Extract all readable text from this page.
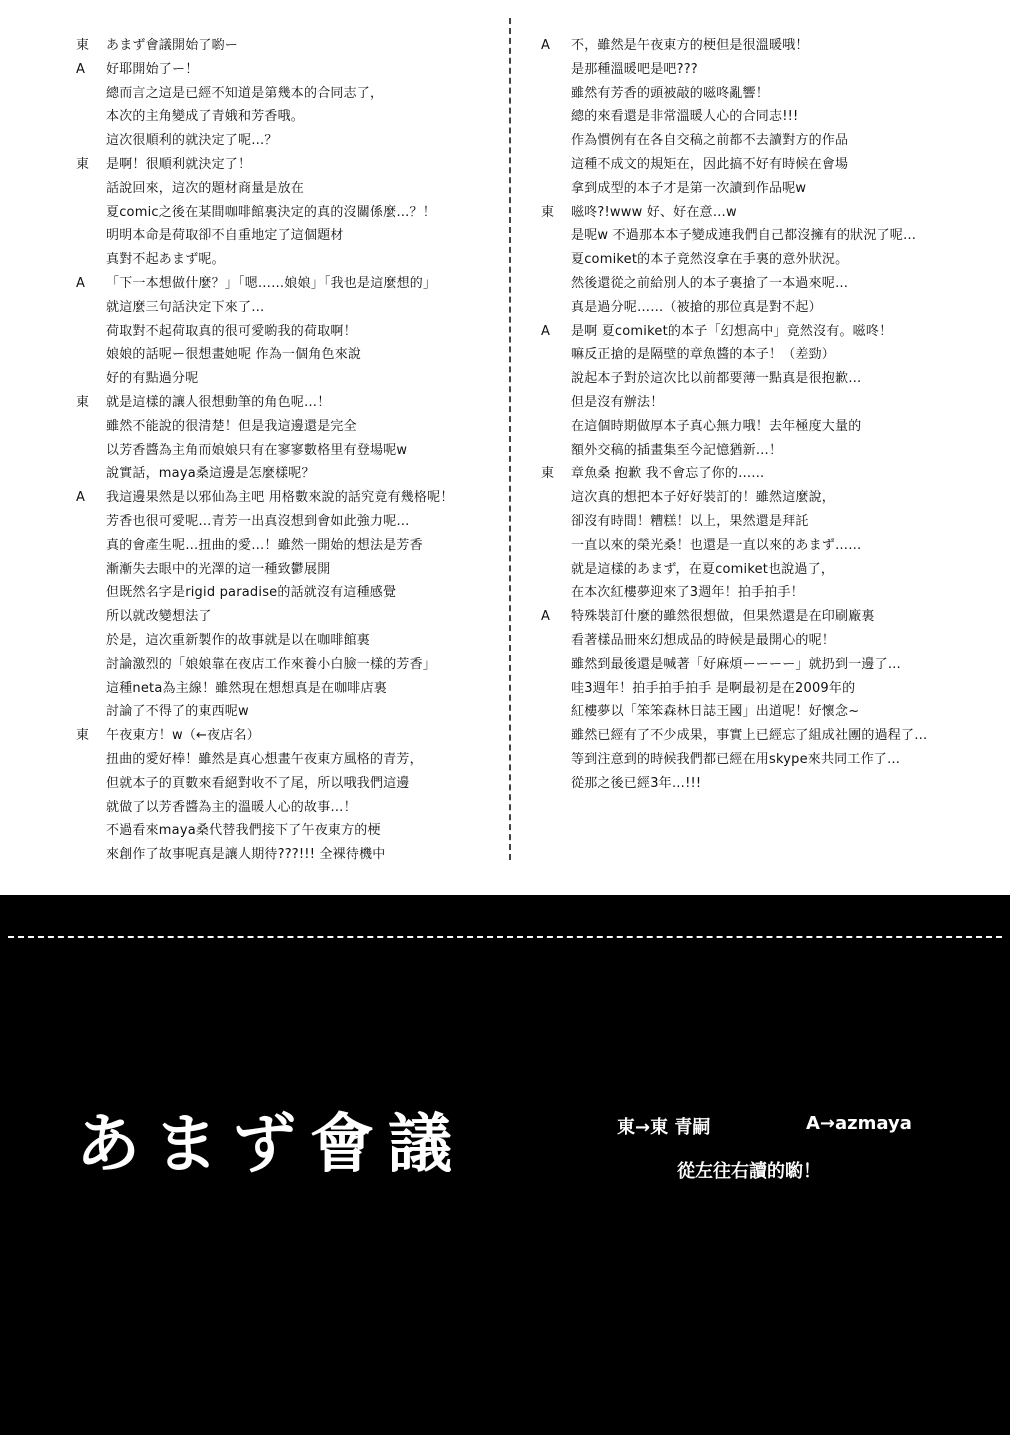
東	あまず會議開始了喲ー
A	好耶開始了ー！
總而言之這是已經不知道是第幾本的合同志了，
本次的主角變成了青娥和芳香哦。
這次很順利的就決定了呢…？
東	是啊！很順利就決定了！
話說回來，這次的題材商量是放在
夏comic之後在某間咖啡館裏決定的真的沒關係麼…？！
明明本命是荷取卻不自重地定了這個題材
真對不起あまず呢。
A	「下一本想做什麼？」「嗯……娘娘」「我也是這麼想的」
就這麼三句話決定下來了…
荷取對不起荷取真的很可愛喲我的荷取啊！
娘娘的話呢ー很想畫她呢 作為一個角色來說
好的有點過分呢
東	就是這樣的讓人很想動筆的角色呢…！
雖然不能說的很清楚！但是我這邊還是完全
以芳香醬為主角而娘娘只有在寥寥數格里有登場呢w
說實話，maya桑這邊是怎麼樣呢？
A	我這邊果然是以邪仙為主吧 用格數來說的話究竟有幾格呢！
芳香也很可愛呢…青芳一出真沒想到會如此強力呢…
真的會產生呢…扭曲的愛…！雖然一開始的想法是芳香
漸漸失去眼中的光澤的這一種致鬱展開
但既然名字是rigid paradise的話就沒有這種感覺
所以就改變想法了
於是，這次重新製作的故事就是以在咖啡館裏
討論激烈的「娘娘靠在夜店工作來養小白臉一樣的芳香」
這種neta為主線！雖然現在想想真是在咖啡店裏
討論了不得了的東西呢w
東	午夜東方！w（←夜店名）
扭曲的愛好棒！雖然是真心想畫午夜東方風格的青芳，
但就本子的頁數來看絕對收不了尾，所以哦我們這邊
就做了以芳香醬為主的溫暖人心的故事…！
不過看來maya桑代替我們接下了午夜東方的梗
來創作了故事呢真是讓人期待???!!! 全裸待機中
A	不，雖然是午夜東方的梗但是很溫暖哦！
是那種溫暖吧是吧???
雖然有芳香的頭被敲的嗞咚亂響！
總的來看還是非常溫暖人心的合同志!!!
作為慣例有在各自交稿之前都不去讀對方的作品
這種不成文的規矩在，因此搞不好有時候在會場
拿到成型的本子才是第一次讀到作品呢w
東	嗞咚?!www 好、好在意…w
是呢w 不過那本本子變成連我們自己都沒擁有的狀況了呢…
夏comiket的本子竟然沒拿在手裏的意外狀況。
然後還從之前給別人的本子裏搶了一本過來呢…
真是過分呢……（被搶的那位真是對不起）
A	是啊 夏comiket的本子「幻想高中」竟然沒有。嗞咚！
嘛反正搶的是隔壁的章魚醬的本子！（差勁）
說起本子對於這次比以前都要薄一點真是很抱歉…
但是沒有辦法！
在這個時期做厚本子真心無力哦！去年極度大量的
額外交稿的插畫集至今記憶猶新…！
東	章魚桑 抱歉 我不會忘了你的……
這次真的想把本子好好裝訂的！雖然這麼說，
卻沒有時間！糟糕！以上，果然還是拜託
一直以來的榮光桑！也還是一直以來的あまず……
就是這樣的あまず，在夏comiket也說過了，
在本次紅樓夢迎來了3週年！拍手拍手！
A	特殊裝訂什麼的雖然很想做，但果然還是在印刷廠裏
看著樣品冊來幻想成品的時候是最開心的呢！
雖然到最後還是喊著「好麻煩ーーーー」就扔到一邊了…
哇3週年！拍手拍手拍手 是啊最初是在2009年的
紅樓夢以「笨笨森林日誌王國」出道呢！好懷念~
雖然已經有了不少成果，事實上已經忘了組成社團的過程了…
等到注意到的時候我們都已經在用skype來共同工作了…
從那之後已經3年…!!!
あまず會議	東→東 青嗣	A→azmaya
從左往右讀的喲！
